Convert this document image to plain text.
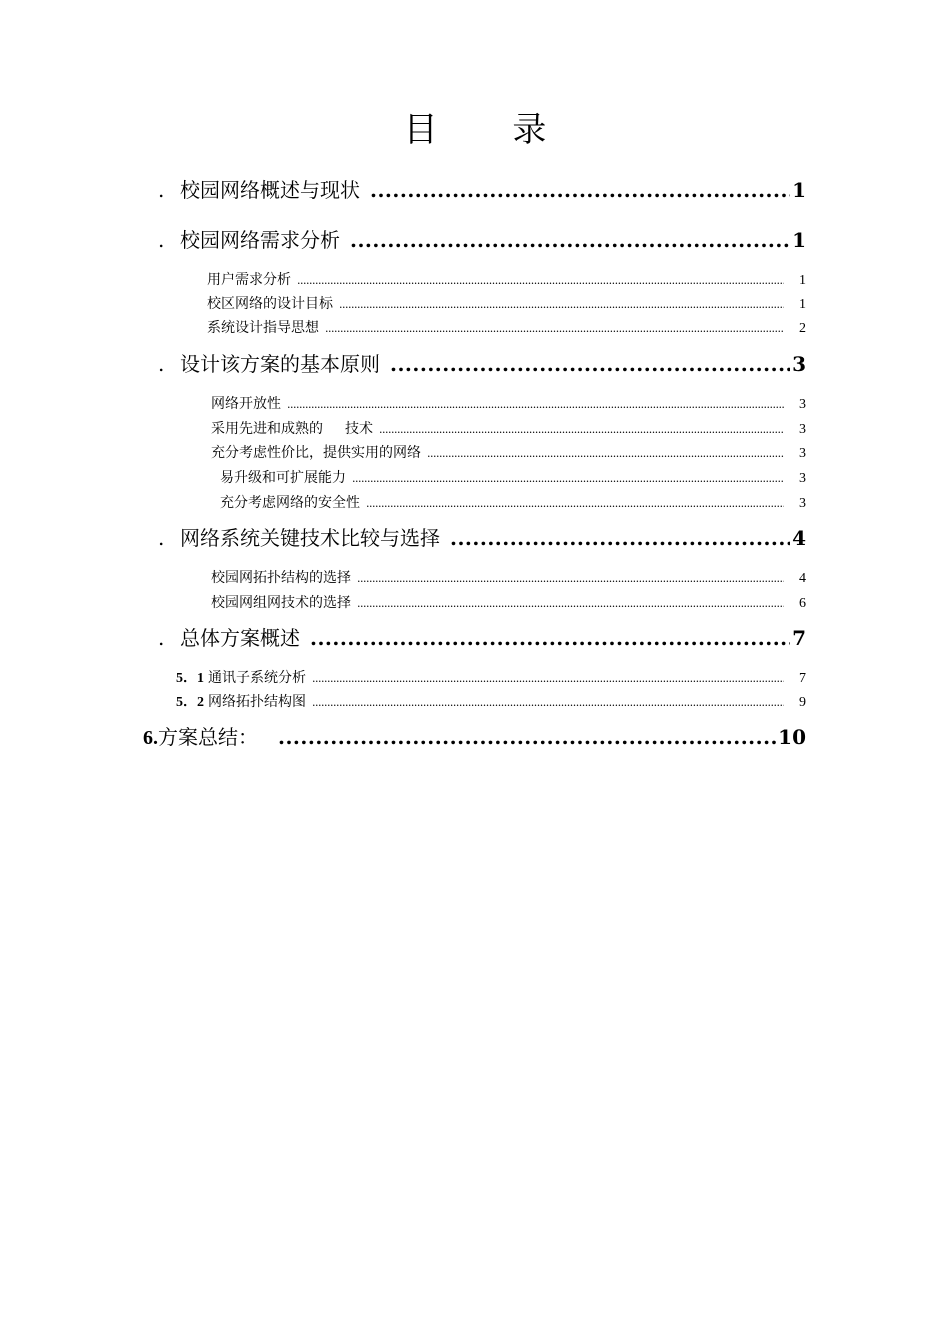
目 录
. 校园网络概述与现状 .....	1
. 校园网络需求分析 .....	1
用户需求分析 .....	1
校区网络的设计目标 .....	1
系统设计指导思想 .....	2
. 设计该方案的基本原则 .....	3
网络开放性 .....	3
采用先进和成熟的 技术 .....	3
充分考虑性价比，提供实用的网络 .....	3
易升级和可扩展能力 .....	3
充分考虑网络的安全性 .....	3
. 网络系统关键技术比较与选择 .....	4
校园网拓扑结构的选择 .....	4
校园网组网技术的选择 .....	6
. 总体方案概述 .....	7
5．1 通讯子系统分析 .....	7
5．2 网络拓扑结构图 .....	9
6. 方案总结： .....	10
